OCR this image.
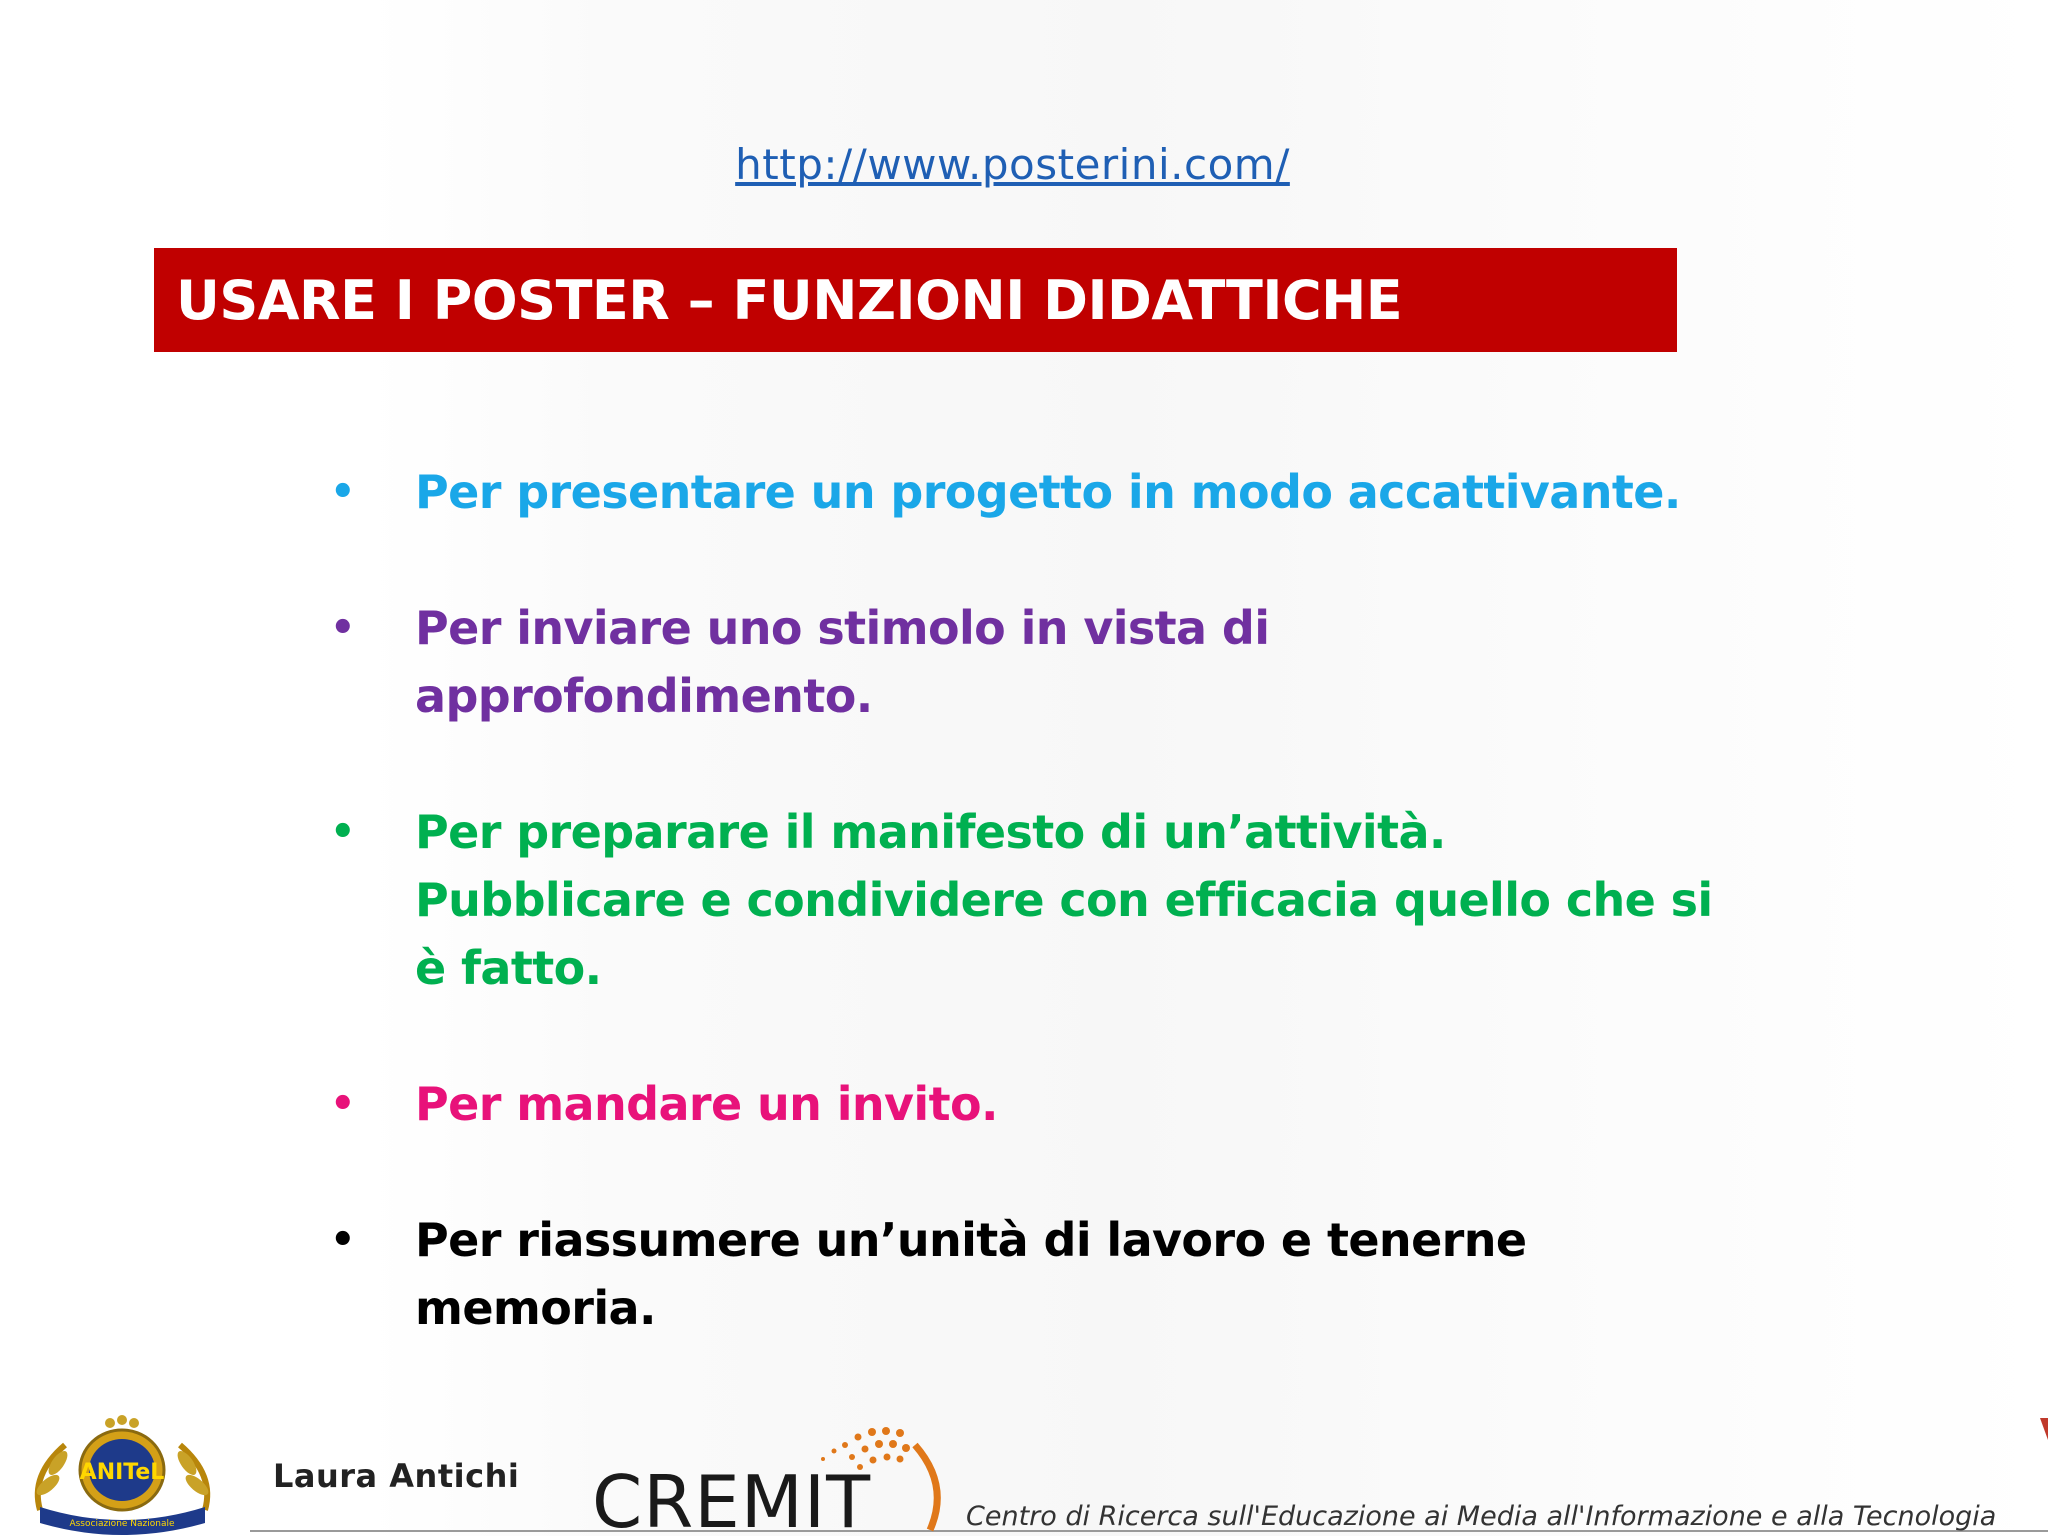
http://www.posterini.com/
USARE I POSTER – FUNZIONI DIDATTICHE
•	Per presentare un progetto in modo accattivante.
•	Per inviare uno stimolo in vista di approfondimento.
•	Per preparare il manifesto di un’attività. Pubblicare e condividere con efficacia quello che si è fatto.
•	Per mandare un invito.
•	Per riassumere un’unità di lavoro e tenerne memoria.
ANITeL
Associazione Nazionale
Laura Antichi CREMIT	Centro di Ricerca sull'Educazione ai Media all'Informazione e alla Tecnologia
